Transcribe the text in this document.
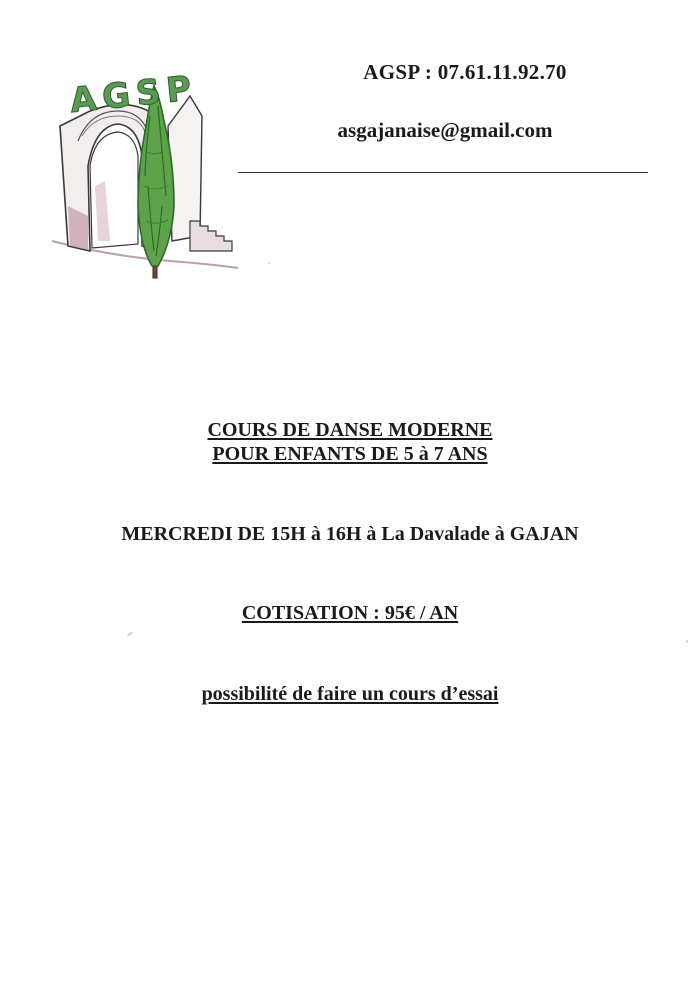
AGSP	AGSP : 07.61.11.92.70
asgajanaise@gmail.com
COURS DE DANSE MODERNE
POUR ENFANTS DE 5 à 7 ANS
MERCREDI DE 15H à 16H à La Davalade à GAJAN
COTISATION : 95€ / AN
possibilité de faire un cours d’essai
